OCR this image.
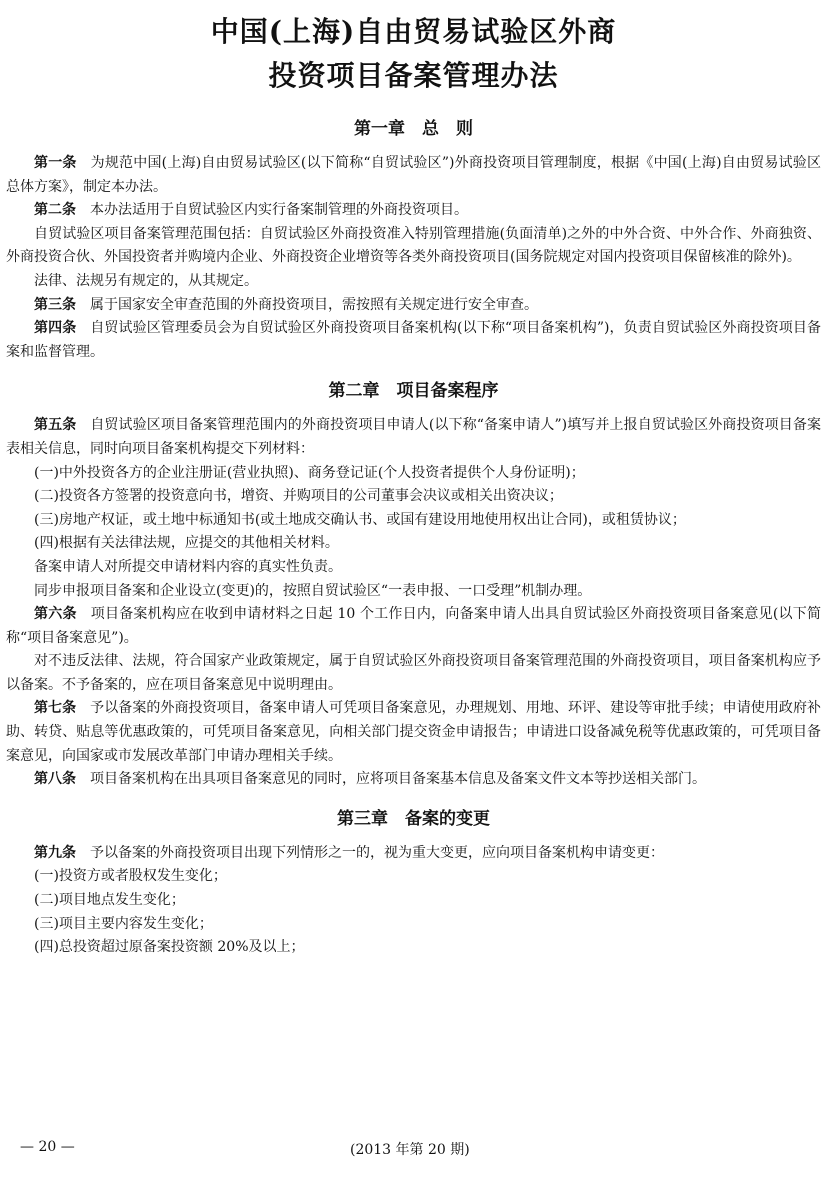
中国(上海)自由贸易试验区外商
投资项目备案管理办法
第一章　总　则

第一条 为规范中国(上海)自由贸易试验区(以下简称“自贸试验区”)外商投资项目管理制度，根据《中国(上海)自由贸易试验区总体方案》，制定本办法。

第二条 本办法适用于自贸试验区内实行备案制管理的外商投资项目。

自贸试验区项目备案管理范围包括：自贸试验区外商投资准入特别管理措施(负面清单)之外的中外合资、中外合作、外商独资、外商投资合伙、外国投资者并购境内企业、外商投资企业增资等各类外商投资项目(国务院规定对国内投资项目保留核准的除外)。

法律、法规另有规定的，从其规定。

第三条 属于国家安全审查范围的外商投资项目，需按照有关规定进行安全审查。

第四条 自贸试验区管理委员会为自贸试验区外商投资项目备案机构(以下称“项目备案机构”)，负责自贸试验区外商投资项目备案和监督管理。

第二章　项目备案程序

第五条 自贸试验区项目备案管理范围内的外商投资项目申请人(以下称“备案申请人”)填写并上报自贸试验区外商投资项目备案表相关信息，同时向项目备案机构提交下列材料：

(一)中外投资各方的企业注册证(营业执照)、商务登记证(个人投资者提供个人身份证明)；

(二)投资各方签署的投资意向书，增资、并购项目的公司董事会决议或相关出资决议；

(三)房地产权证，或土地中标通知书(或土地成交确认书、或国有建设用地使用权出让合同)，或租赁协议；

(四)根据有关法律法规，应提交的其他相关材料。

备案申请人对所提交申请材料内容的真实性负责。

同步申报项目备案和企业设立(变更)的，按照自贸试验区“一表申报、一口受理”机制办理。

第六条 项目备案机构应在收到申请材料之日起 10 个工作日内，向备案申请人出具自贸试验区外商投资项目备案意见(以下简称“项目备案意见”)。

对不违反法律、法规，符合国家产业政策规定，属于自贸试验区外商投资项目备案管理范围的外商投资项目，项目备案机构应予以备案。不予备案的，应在项目备案意见中说明理由。

第七条 予以备案的外商投资项目，备案申请人可凭项目备案意见，办理规划、用地、环评、建设等审批手续；申请使用政府补助、转贷、贴息等优惠政策的，可凭项目备案意见，向相关部门提交资金申请报告；申请进口设备减免税等优惠政策的，可凭项目备案意见，向国家或市发展改革部门申请办理相关手续。

第八条 项目备案机构在出具项目备案意见的同时，应将项目备案基本信息及备案文件文本等抄送相关部门。

第三章　备案的变更

第九条 予以备案的外商投资项目出现下列情形之一的，视为重大变更，应向项目备案机构申请变更：

(一)投资方或者股权发生变化；

(二)项目地点发生变化；

(三)项目主要内容发生变化；

(四)总投资超过原备案投资额 20%及以上；

— 20 —	(2013 年第 20 期)
